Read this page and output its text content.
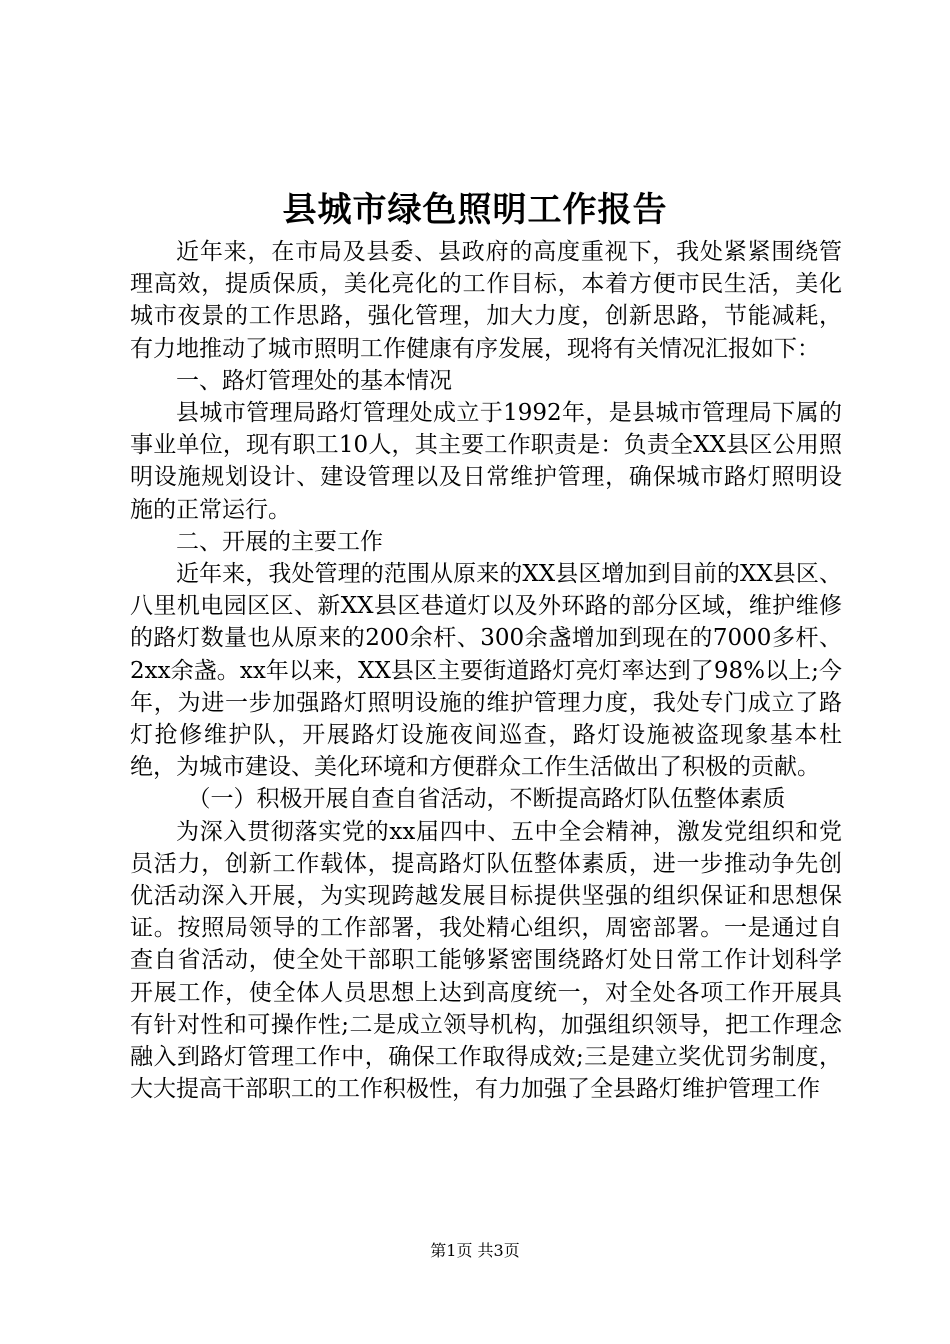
县城市绿色照明工作报告

近年来，在市局及县委、县政府的高度重视下，我处紧紧围绕管理高效，提质保质，美化亮化的工作目标，本着方便市民生活，美化城市夜景的工作思路，强化管理，加大力度，创新思路，节能减耗，有力地推动了城市照明工作健康有序发展，现将有关情况汇报如下：

一、路灯管理处的基本情况

县城市管理局路灯管理处成立于1992年，是县城市管理局下属的事业单位，现有职工10人，其主要工作职责是：负责全XX县区公用照明设施规划设计、建设管理以及日常维护管理，确保城市路灯照明设施的正常运行。

二、开展的主要工作

近年来，我处管理的范围从原来的XX县区增加到目前的XX县区、八里机电园区区、新XX县区巷道灯以及外环路的部分区域，维护维修的路灯数量也从原来的200余杆、300余盏增加到现在的7000多杆、2xx余盏。xx年以来，XX县区主要街道路灯亮灯率达到了98%以上;今年，为进一步加强路灯照明设施的维护管理力度，我处专门成立了路灯抢修维护队，开展路灯设施夜间巡查，路灯设施被盗现象基本杜绝，为城市建设、美化环境和方便群众工作生活做出了积极的贡献。

（一）积极开展自查自省活动，不断提高路灯队伍整体素质

为深入贯彻落实党的xx届四中、五中全会精神，激发党组织和党员活力，创新工作载体，提高路灯队伍整体素质，进一步推动争先创优活动深入开展，为实现跨越发展目标提供坚强的组织保证和思想保证。按照局领导的工作部署，我处精心组织，周密部署。一是通过自查自省活动，使全处干部职工能够紧密围绕路灯处日常工作计划科学开展工作，使全体人员思想上达到高度统一，对全处各项工作开展具有针对性和可操作性;二是成立领导机构，加强组织领导，把工作理念融入到路灯管理工作中，确保工作取得成效;三是建立奖优罚劣制度，大大提高干部职工的工作积极性，有力加强了全县路灯维护管理工作

第1页 共3页
